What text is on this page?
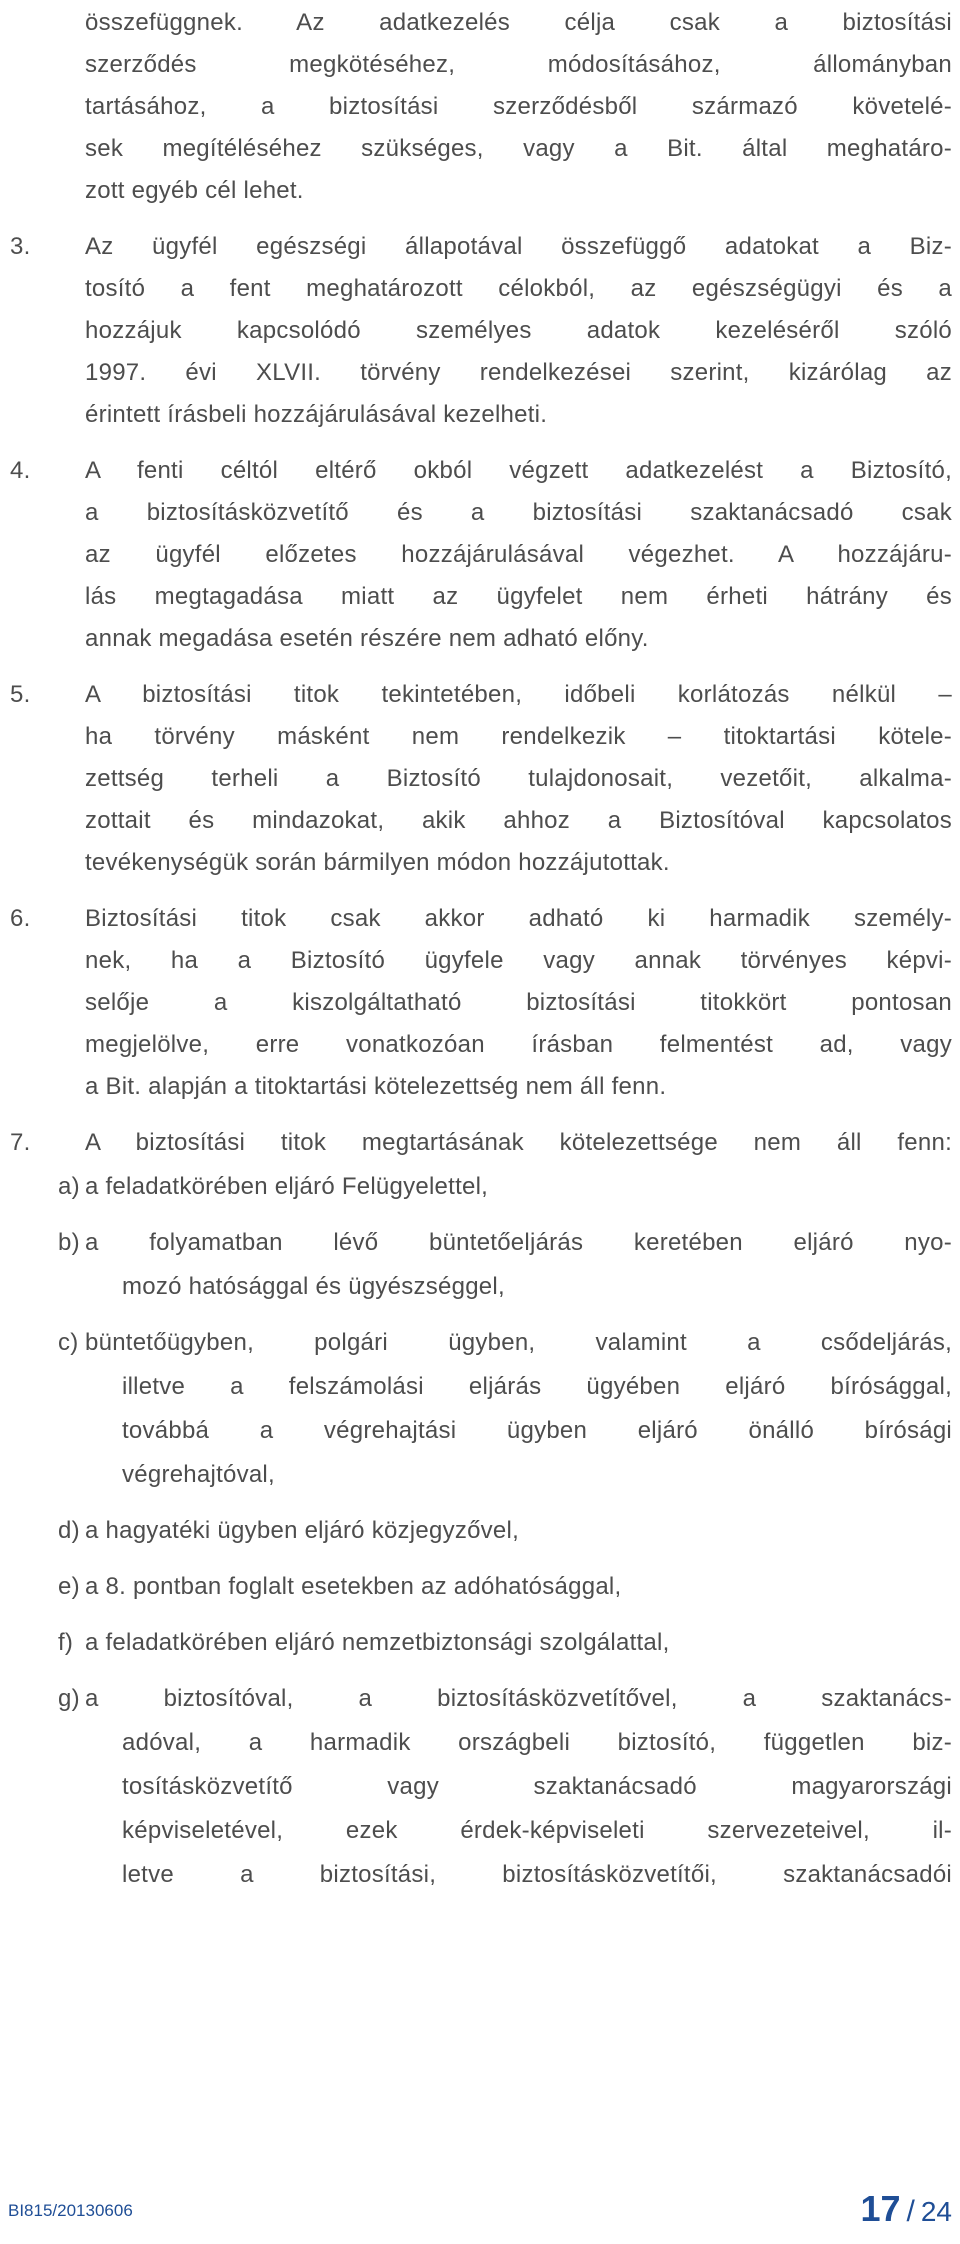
összefüggnek. Az adatkezelés célja csak a biztosítási
szerződés megkötéséhez, módosításához, állományban
tartásához, a biztosítási szerződésből származó követelé-
sek megítéléséhez szükséges, vagy a Bit. által meghatáro-
zott egyéb cél lehet.
3. Az ügyfél egészségi állapotával összefüggő adatokat a Biz-
tosító a fent meghatározott célokból, az egészségügyi és a
hozzájuk kapcsolódó személyes adatok kezeléséről szóló
1997. évi XLVII. törvény rendelkezései szerint, kizárólag az
érintett írásbeli hozzájárulásával kezelheti.
4. A fenti céltól eltérő okból végzett adatkezelést a Biztosító,
a biztosításközvetítő és a biztosítási szaktanácsadó csak
az ügyfél előzetes hozzájárulásával végezhet. A hozzájáru-
lás megtagadása miatt az ügyfelet nem érheti hátrány és
annak megadása esetén részére nem adható előny.
5. A biztosítási titok tekintetében, időbeli korlátozás nélkül –
ha törvény másként nem rendelkezik – titoktartási kötele-
zettség terheli a Biztosító tulajdonosait, vezetőit, alkalma-
zottait és mindazokat, akik ahhoz a Biztosítóval kapcsolatos
tevékenységük során bármilyen módon hozzájutottak.
6. Biztosítási titok csak akkor adható ki harmadik személy-
nek, ha a Biztosító ügyfele vagy annak törvényes képvi-
selője a kiszolgáltatható biztosítási titokkört pontosan
megjelölve, erre vonatkozóan írásban felmentést ad, vagy
a Bit. alapján a titoktartási kötelezettség nem áll fenn.
7. A biztosítási titok megtartásának kötelezettsége nem áll fenn:
a) a feladatkörében eljáró Felügyelettel,
b) a folyamatban lévő büntetőeljárás keretében eljáró nyo-
mozó hatósággal és ügyészséggel,
c) büntetőügyben, polgári ügyben, valamint a csődeljárás,
illetve a felszámolási eljárás ügyében eljáró bírósággal,
továbbá a végrehajtási ügyben eljáró önálló bírósági
végrehajtóval,
d) a hagyatéki ügyben eljáró közjegyzővel,
e) a 8. pontban foglalt esetekben az adóhatósággal,
f) a feladatkörében eljáró nemzetbiztonsági szolgálattal,
g) a biztosítóval, a biztosításközvetítővel, a szaktanács-
adóval, a harmadik országbeli biztosító, független biz-
tosításközvetítő vagy szaktanácsadó magyarországi
képviseletével, ezek érdek-képviseleti szervezeteivel, il-
letve a biztosítási, biztosításközvetítői, szaktanácsadói
BI815/20130606	17 / 24
